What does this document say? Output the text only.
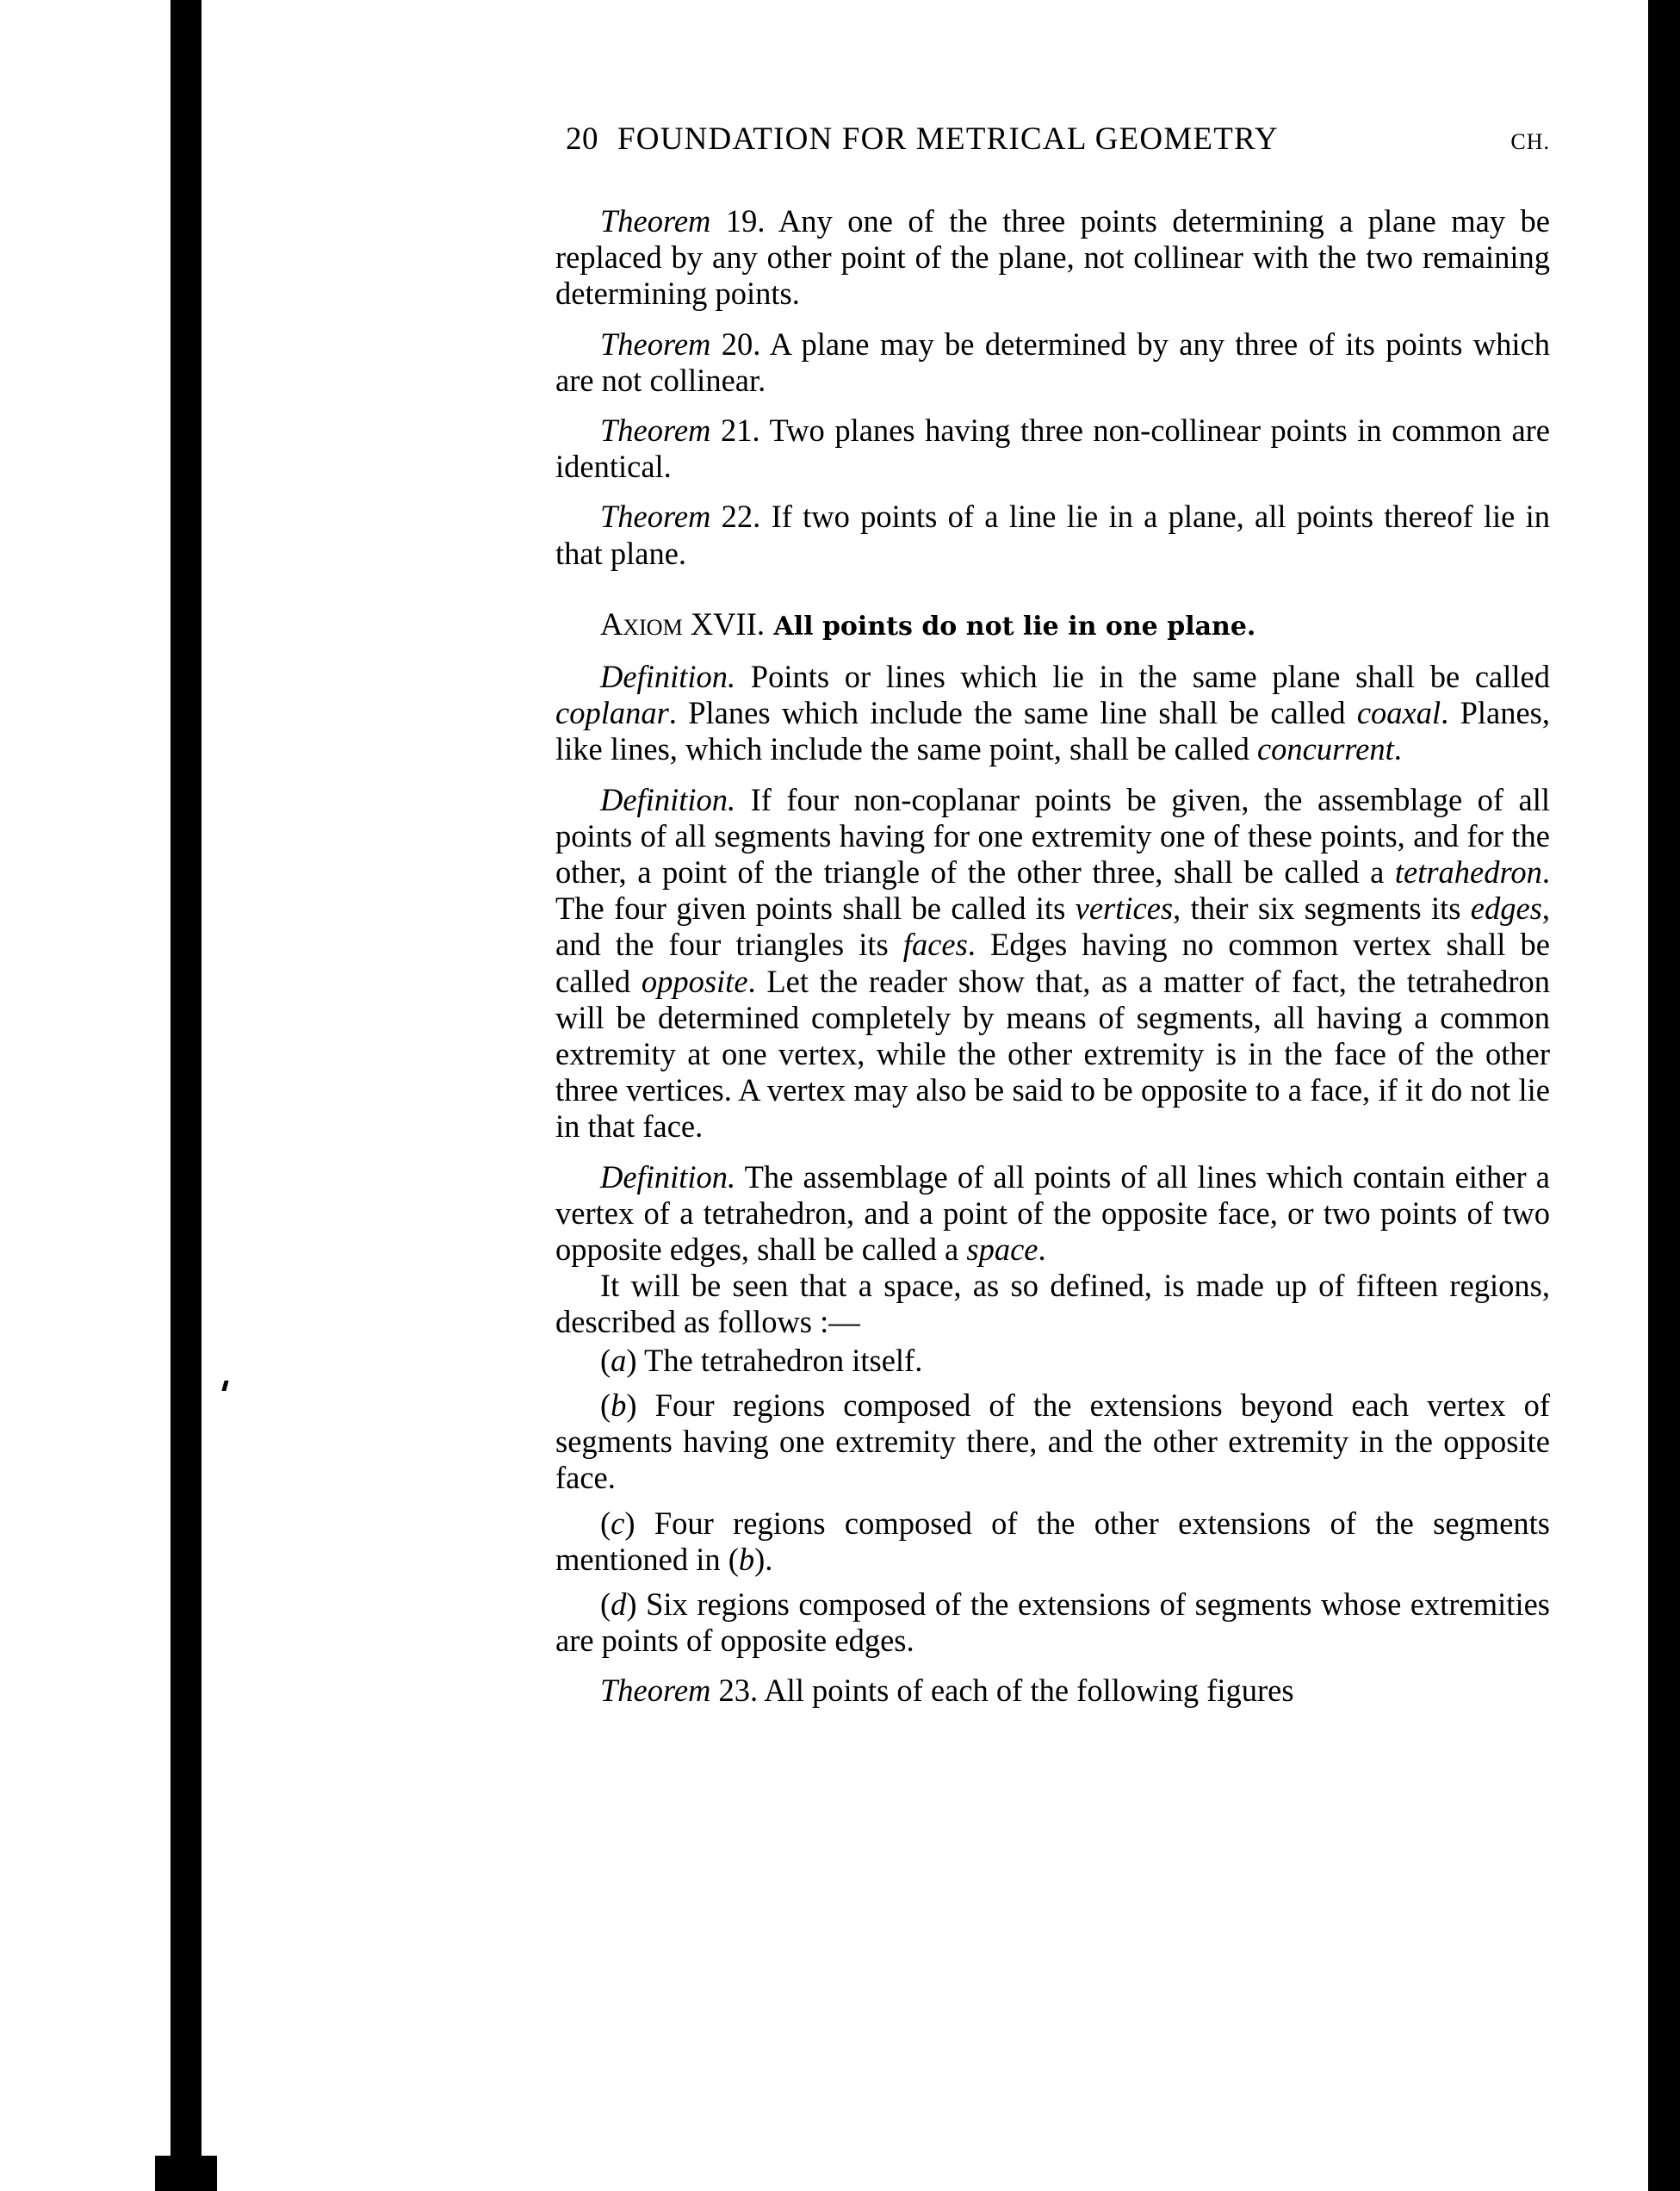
20 FOUNDATION FOR METRICAL GEOMETRY	CH.

Theorem 19. Any one of the three points determining a plane may be replaced by any other point of the plane, not collinear with the two remaining determining points.

Theorem 20. A plane may be determined by any three of its points which are not collinear.

Theorem 21. Two planes having three non-collinear points in common are identical.

Theorem 22. If two points of a line lie in a plane, all points thereof lie in that plane.

Axiom XVII. All points do not lie in one plane.

Definition. Points or lines which lie in the same plane shall be called coplanar. Planes which include the same line shall be called coaxal. Planes, like lines, which include the same point, shall be called concurrent.

Definition. If four non-coplanar points be given, the assemblage of all points of all segments having for one extremity one of these points, and for the other, a point of the triangle of the other three, shall be called a tetrahedron. The four given points shall be called its vertices, their six segments its edges, and the four triangles its faces. Edges having no common vertex shall be called opposite. Let the reader show that, as a matter of fact, the tetrahedron will be determined completely by means of segments, all having a common extremity at one vertex, while the other extremity is in the face of the other three vertices. A vertex may also be said to be opposite to a face, if it do not lie in that face.

Definition. The assemblage of all points of all lines which contain either a vertex of a tetrahedron, and a point of the opposite face, or two points of two opposite edges, shall be called a space.

It will be seen that a space, as so defined, is made up of fifteen regions, described as follows :—

(a) The tetrahedron itself.

(b) Four regions composed of the extensions beyond each vertex of segments having one extremity there, and the other extremity in the opposite face.

(c) Four regions composed of the other extensions of the segments mentioned in (b).

(d) Six regions composed of the extensions of segments whose extremities are points of opposite edges.

Theorem 23. All points of each of the following figures
